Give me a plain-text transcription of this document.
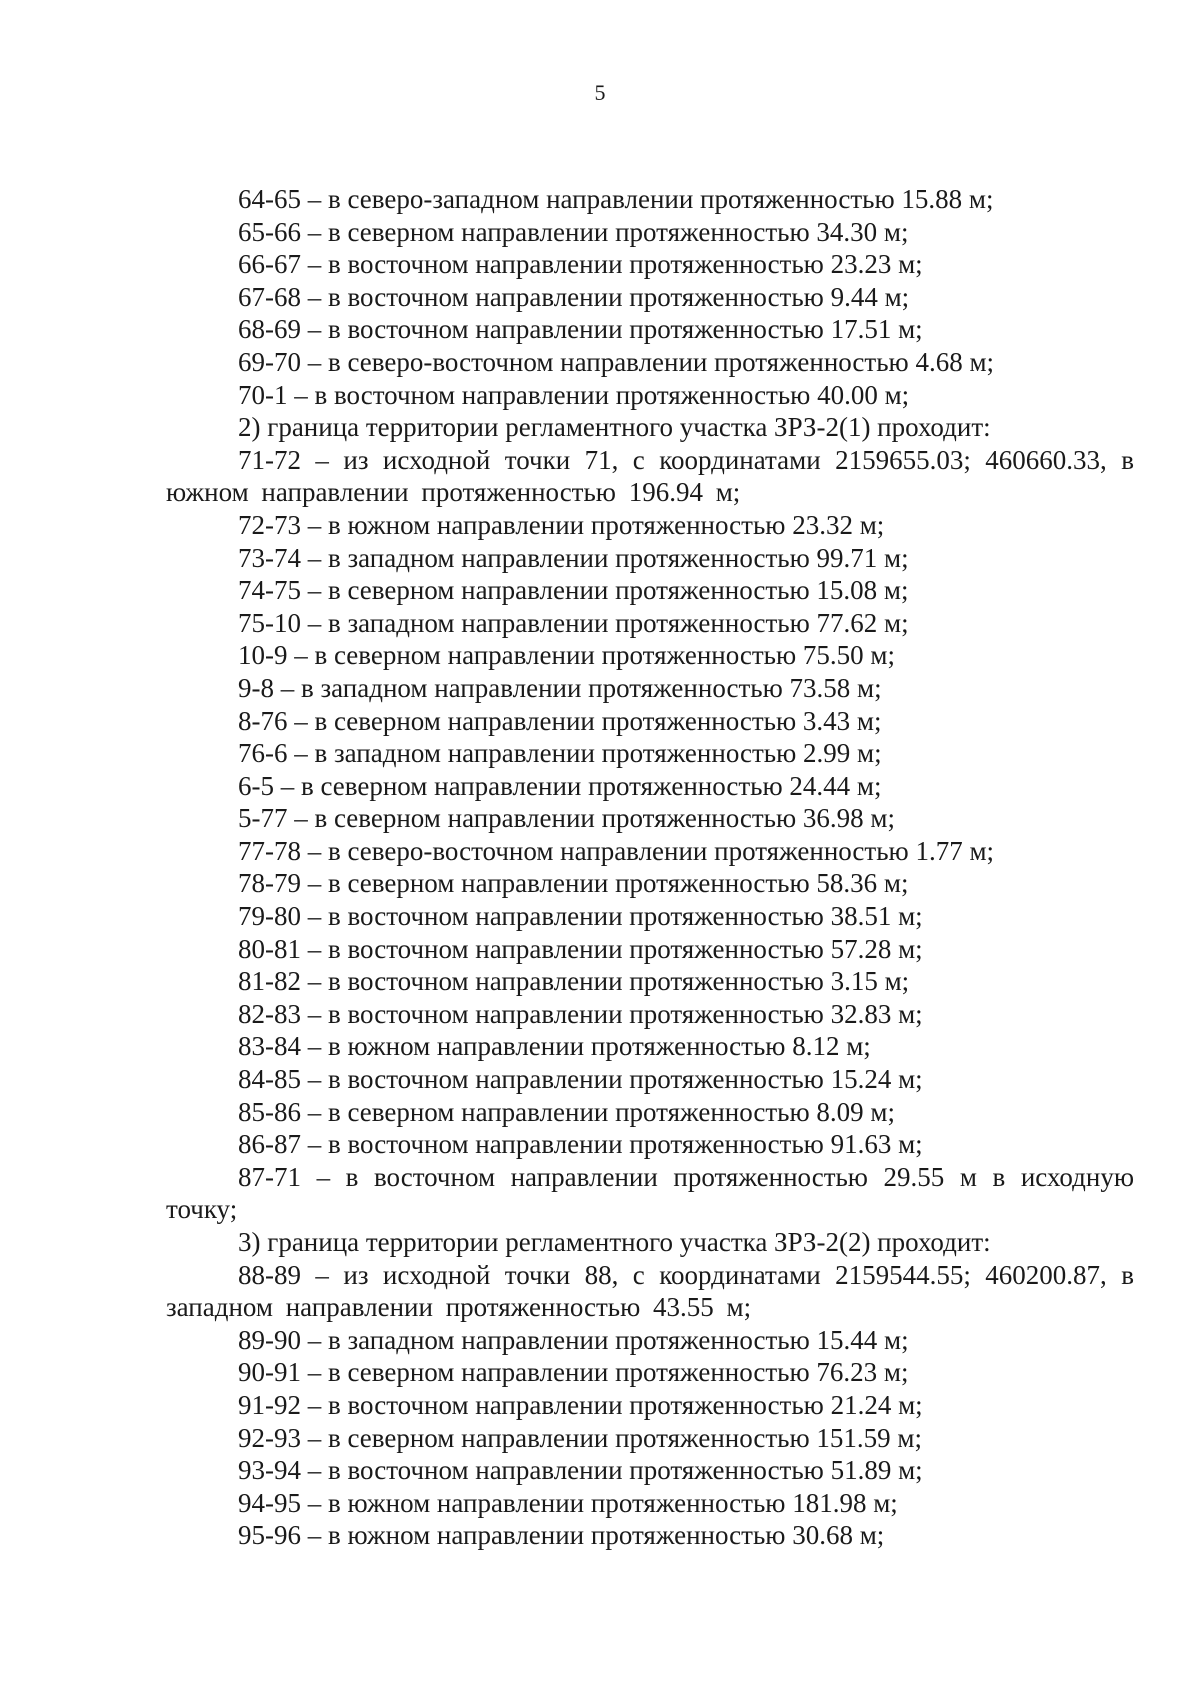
5
64-65 – в северо-западном направлении протяженностью 15.88 м;
65-66 – в северном направлении протяженностью 34.30 м;
66-67 – в восточном направлении протяженностью 23.23 м;
67-68 – в восточном направлении протяженностью 9.44 м;
68-69 – в восточном направлении протяженностью 17.51 м;
69-70 – в северо-восточном направлении протяженностью 4.68 м;
70-1 – в восточном направлении протяженностью 40.00 м;
2) граница территории регламентного участка ЗРЗ-2(1) проходит:
71-72 – из исходной точки 71, с координатами 2159655.03; 460660.33, в южном направлении протяженностью 196.94 м;
72-73 – в южном направлении протяженностью 23.32 м;
73-74 – в западном направлении протяженностью 99.71 м;
74-75 – в северном направлении протяженностью 15.08 м;
75-10 – в западном направлении протяженностью 77.62 м;
10-9 – в северном направлении протяженностью 75.50 м;
9-8 – в западном направлении протяженностью 73.58 м;
8-76 – в северном направлении протяженностью 3.43 м;
76-6 – в западном направлении протяженностью 2.99 м;
6-5 – в северном направлении протяженностью 24.44 м;
5-77 – в северном направлении протяженностью 36.98 м;
77-78 – в северо-восточном направлении протяженностью 1.77 м;
78-79 – в северном направлении протяженностью 58.36 м;
79-80 – в восточном направлении протяженностью 38.51 м;
80-81 – в восточном направлении протяженностью 57.28 м;
81-82 – в восточном направлении протяженностью 3.15 м;
82-83 – в восточном направлении протяженностью 32.83 м;
83-84 – в южном направлении протяженностью 8.12 м;
84-85 – в восточном направлении протяженностью 15.24 м;
85-86 – в северном направлении протяженностью 8.09 м;
86-87 – в восточном направлении протяженностью 91.63 м;
87-71 – в восточном направлении протяженностью 29.55 м в исходную точку;
3) граница территории регламентного участка ЗРЗ-2(2) проходит:
88-89 – из исходной точки 88, с координатами 2159544.55; 460200.87, в западном направлении протяженностью 43.55 м;
89-90 – в западном направлении протяженностью 15.44 м;
90-91 – в северном направлении протяженностью 76.23 м;
91-92 – в восточном направлении протяженностью 21.24 м;
92-93 – в северном направлении протяженностью 151.59 м;
93-94 – в восточном направлении протяженностью 51.89 м;
94-95 – в южном направлении протяженностью 181.98 м;
95-96 – в южном направлении протяженностью 30.68 м;
